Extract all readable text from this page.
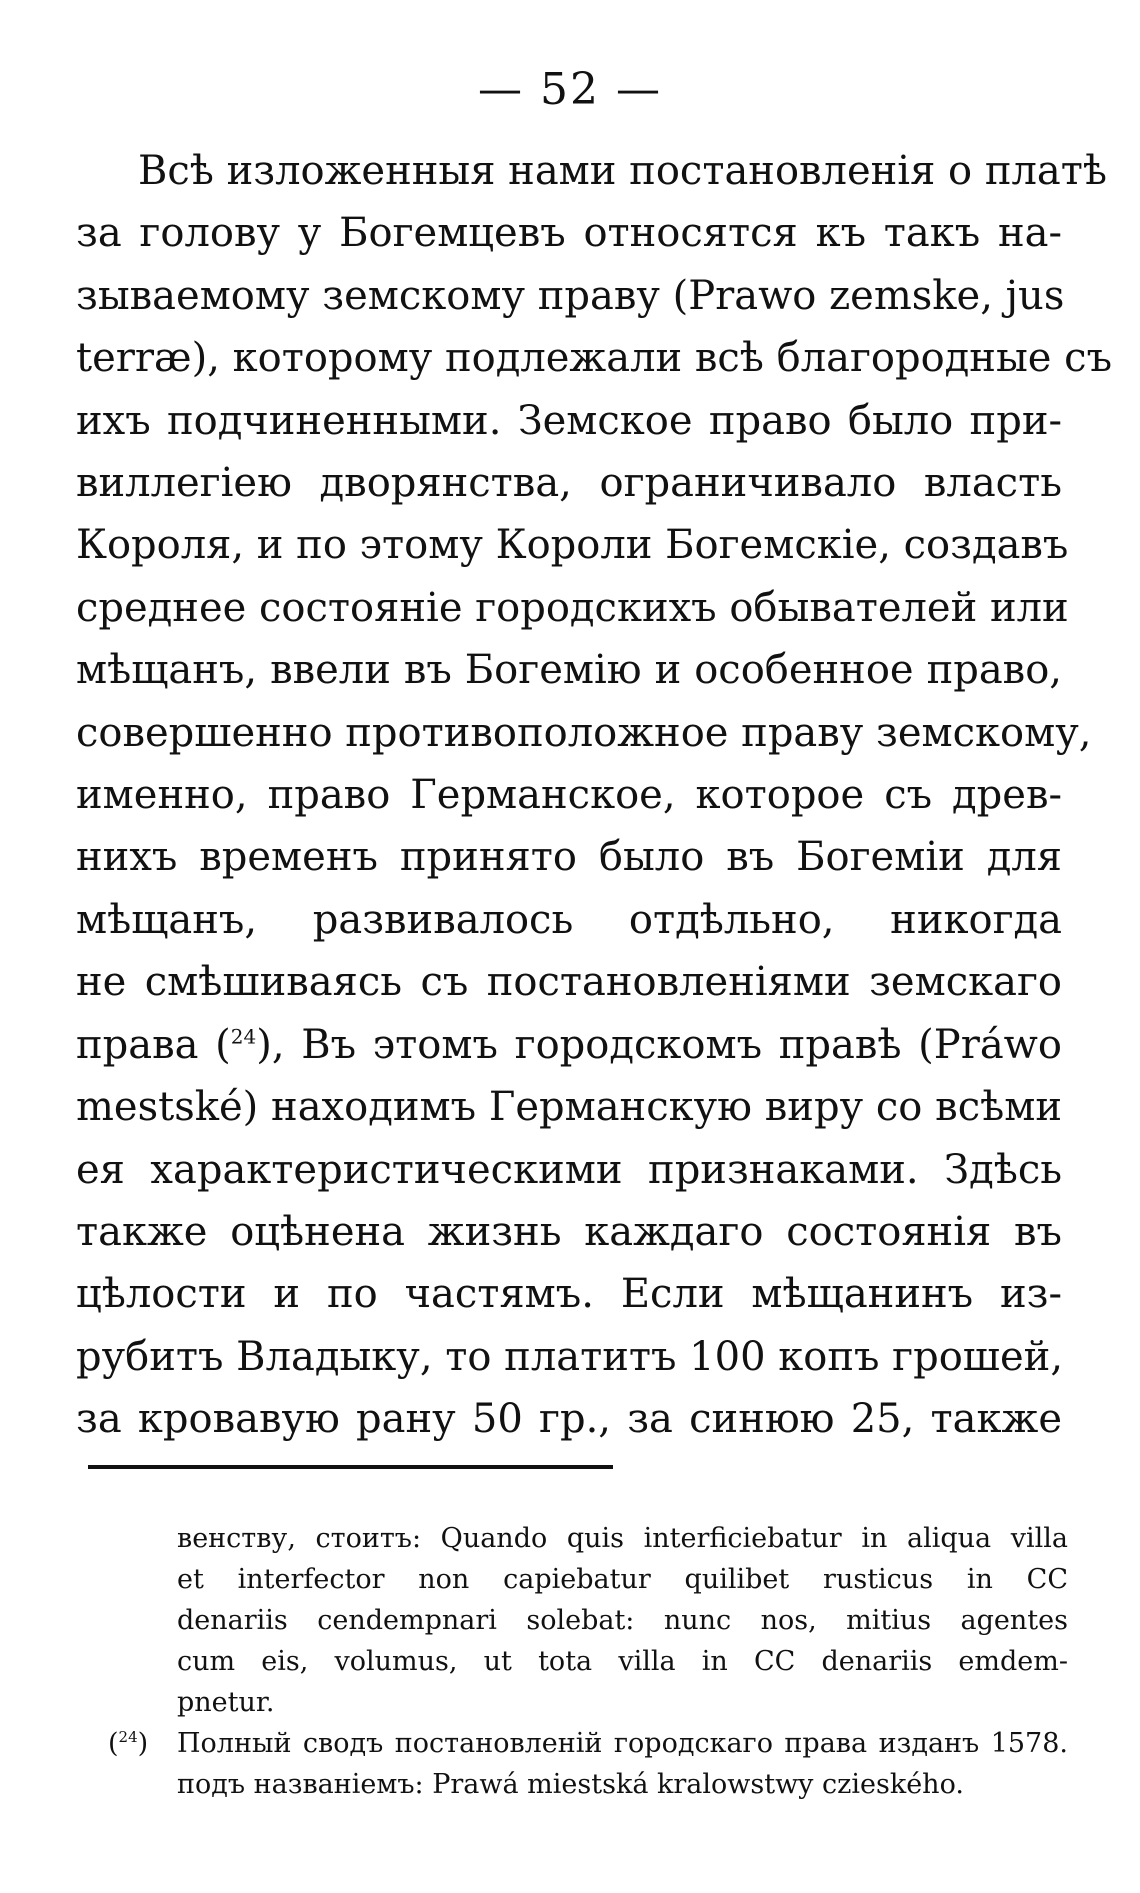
— 52 —
Всѣ изложенныя нами постановленія о платѣ
за голову у Богемцевъ относятся къ такъ на-
зываемому земскому праву (Prawo zemske, jus
terræ), которому подлежали всѣ благородные съ
ихъ подчиненными. Земское право было при-
виллегіею дворянства, ограничивало власть
Короля, и по этому Короли Богемскіе, создавъ
среднее состояніе городскихъ обывателей или
мѣщанъ, ввели въ Богемію и особенное право,
совершенно противоположное праву земскому,
именно, право Германское, которое съ древ-
нихъ временъ принято было въ Богеміи для
мѣщанъ, развивалось отдѣльно, никогда
не смѣшиваясь съ постановленіями земскаго
права ($^{24}$), Въ этомъ городскомъ правѣ (Práwo
mestské) находимъ Германскую виру со всѣми
ея характеристическими признаками. Здѣсь
также оцѣнена жизнь каждаго состоянія въ
цѣлости и по частямъ. Если мѣщанинъ из-
рубитъ Владыку, то платитъ 100 копъ грошей,
за кровавую рану 50 гр., за синюю 25, также
венству, стоитъ: Quando quis interficiebatur in aliqua villa
et interfector non capiebatur quilibet rusticus in CC
denariis cendempnari solebat: nunc nos, mitius agentes
cum eis, volumus, ut tota villa in CC denariis emdem-
pnetur.
($^{24}$) Полный сводъ постановленій городскаго права изданъ 1578.
подъ названіемъ: Prawá miestská kralowstwy czieského.
